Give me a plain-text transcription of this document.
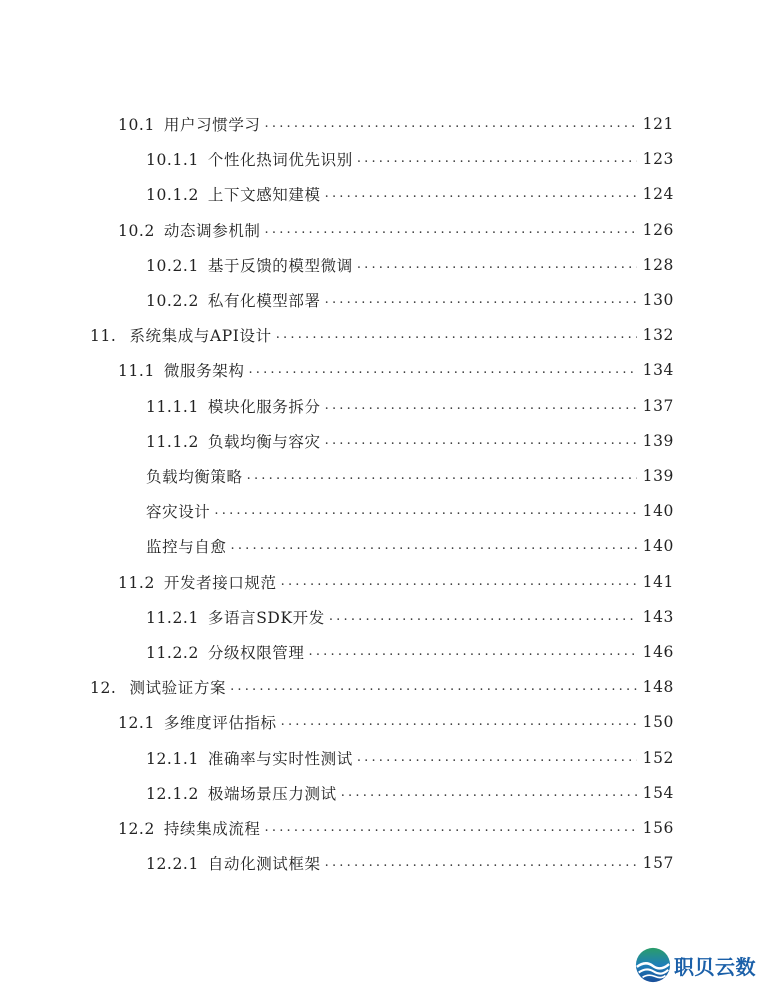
10.1 用户习惯学习 .....	121
10.1.1 个性化热词优先识别 .....	123
10.1.2 上下文感知建模 .....	124
10.2 动态调参机制 .....	126
10.2.1 基于反馈的模型微调 .....	128
10.2.2 私有化模型部署 .....	130
11. 系统集成与API设计 .....	132
11.1 微服务架构 .....	134
11.1.1 模块化服务拆分 .....	137
11.1.2 负载均衡与容灾 .....	139
负载均衡策略 .....	139
容灾设计 .....	140
监控与自愈 .....	140
11.2 开发者接口规范 .....	141
11.2.1 多语言SDK开发 .....	143
11.2.2 分级权限管理 .....	146
12. 测试验证方案 .....	148
12.1 多维度评估指标 .....	150
12.1.1 准确率与实时性测试 .....	152
12.1.2 极端场景压力测试 .....	154
12.2 持续集成流程 .....	156
12.2.1 自动化测试框架 .....	157
职贝云数
